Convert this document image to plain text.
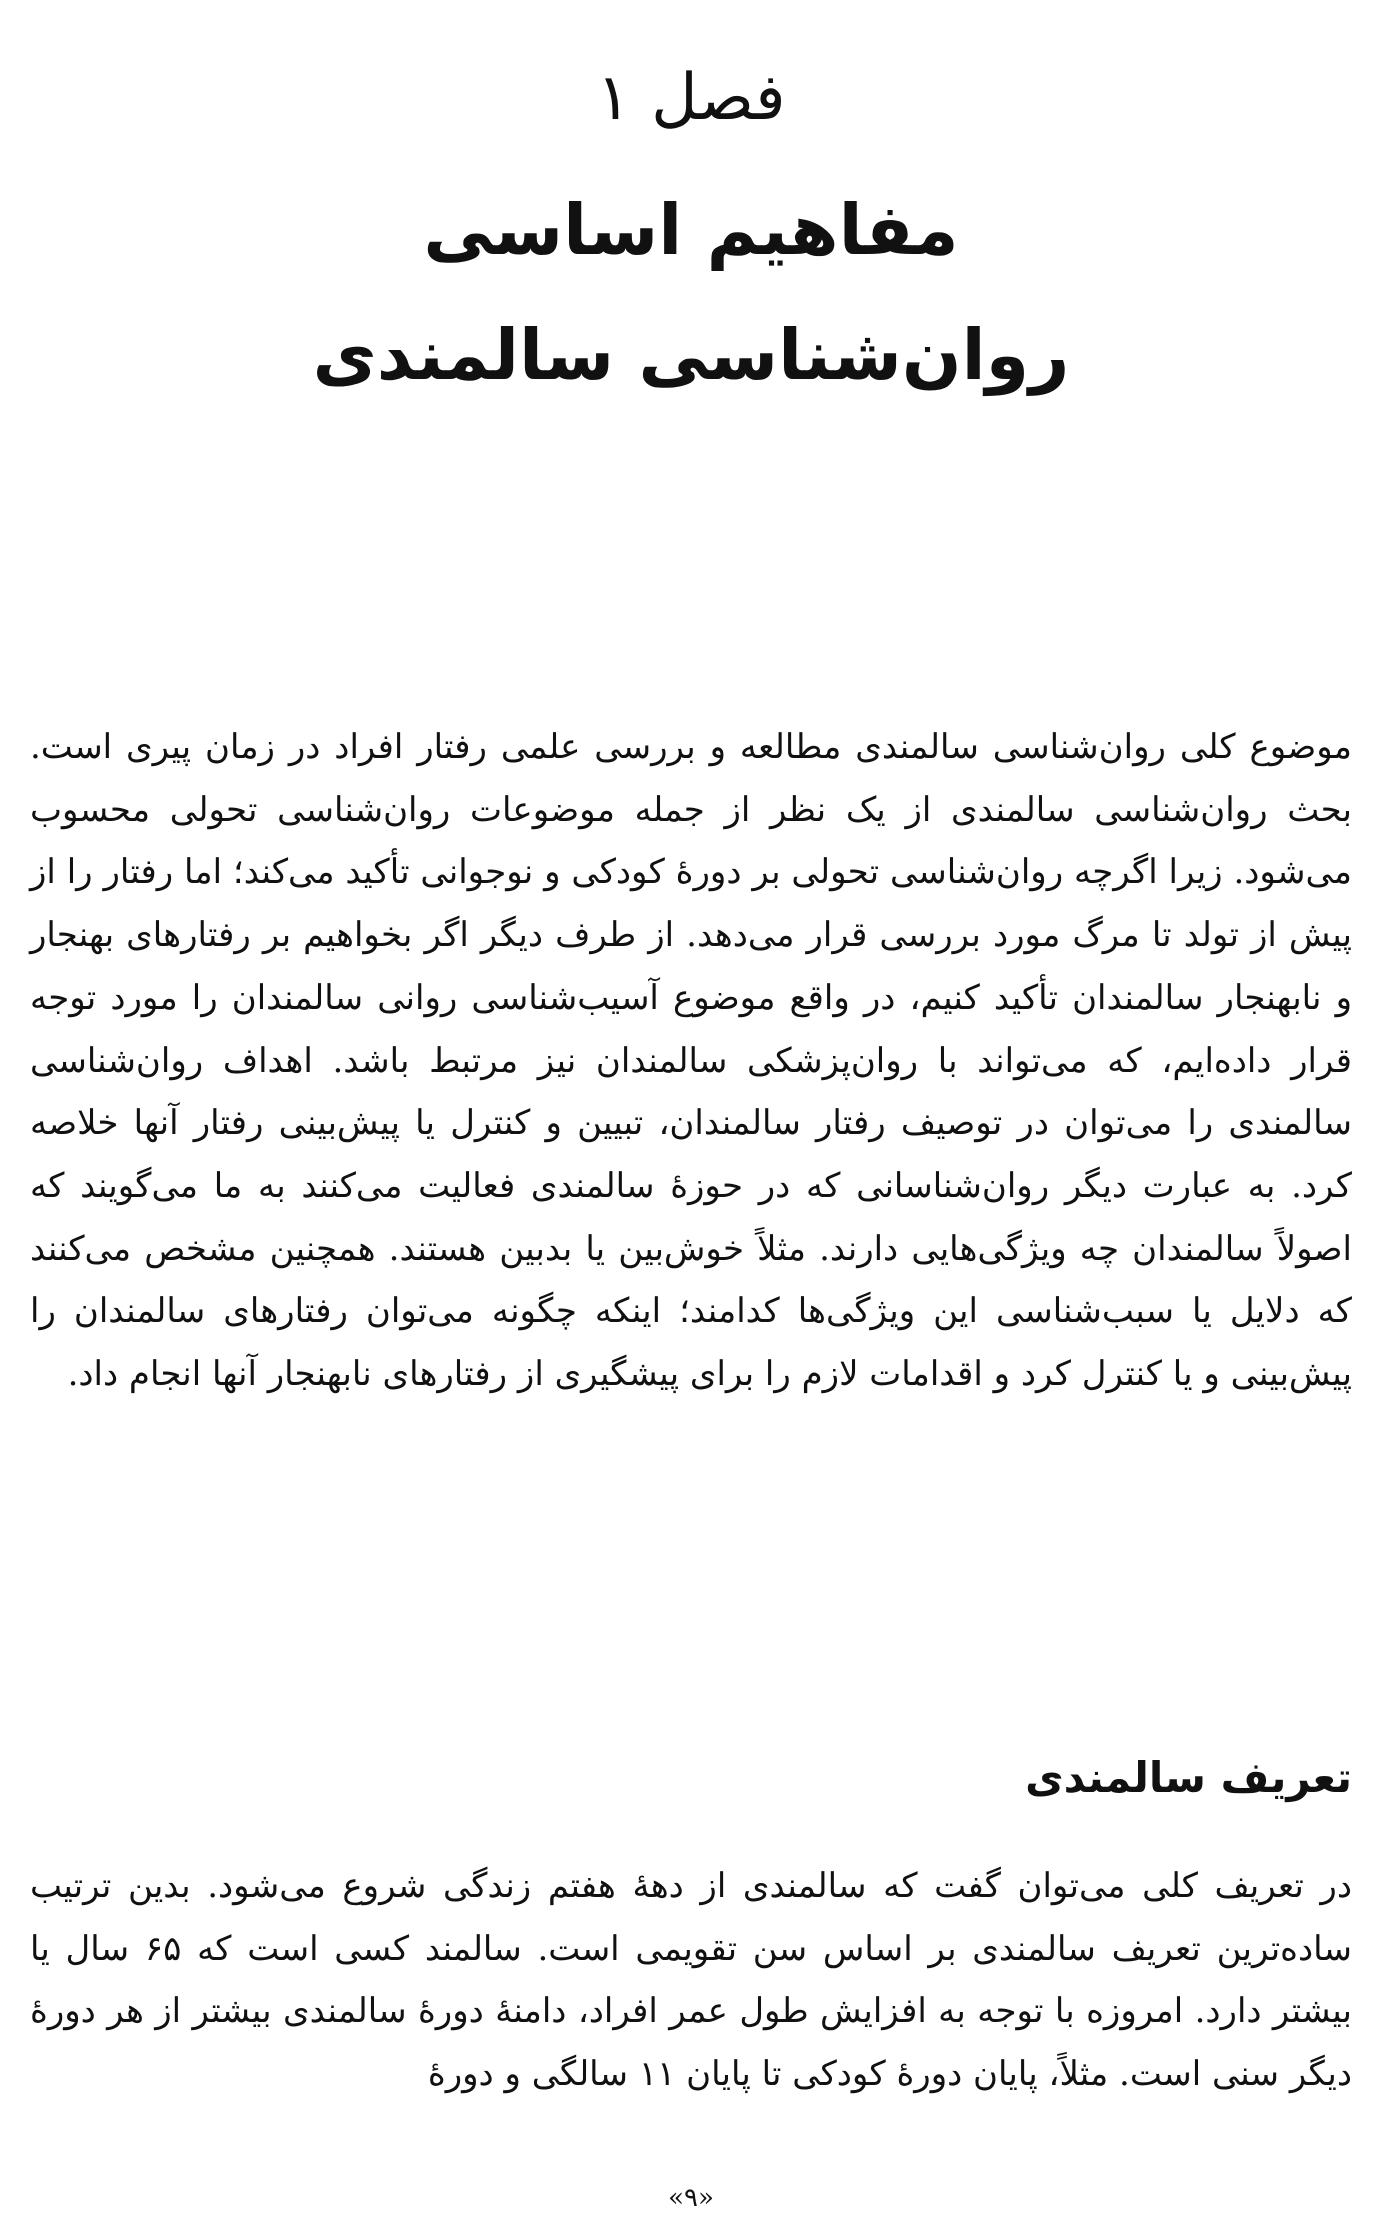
فصل ۱
مفاهیم اساسی
روان‌شناسی سالمندی

موضوع کلی روان‌شناسی سالمندی مطالعه و بررسی علمی رفتار افراد در زمان پیری است. بحث روان‌شناسی سالمندی از یک نظر از جمله موضوعات روان‌شناسی تحولی محسوب می‌شود. زیرا اگرچه روان‌شناسی تحولی بر دورهٔ کودکی و نوجوانی تأکید می‌کند؛ اما رفتار را از پیش از تولد تا مرگ مورد بررسی قرار می‌دهد. از طرف دیگر اگر بخواهیم بر رفتارهای بهنجار و نابهنجار سالمندان تأکید کنیم، در واقع موضوع آسیب‌شناسی روانی سالمندان را مورد توجه قرار داده‌ایم، که می‌تواند با روان‌پزشکی سالمندان نیز مرتبط باشد. اهداف روان‌شناسی سالمندی را می‌توان در توصیف رفتار سالمندان، تبیین و کنترل یا پیش‌بینی رفتار آنها خلاصه کرد. به عبارت دیگر روان‌شناسانی که در حوزهٔ سالمندی فعالیت می‌کنند به ما می‌گویند که اصولاً سالمندان چه ویژگی‌هایی دارند. مثلاً خوش‌بین یا بدبین هستند. همچنین مشخص می‌کنند که دلایل یا سبب‌شناسی این ویژگی‌ها کدامند؛ اینکه چگونه می‌توان رفتارهای سالمندان را پیش‌بینی و یا کنترل کرد و اقدامات لازم را برای پیشگیری از رفتارهای نابهنجار آنها انجام داد.

تعریف سالمندی

در تعریف کلی می‌توان گفت که سالمندی از دههٔ هفتم زندگی شروع می‌شود. بدین ترتیب ساده‌ترین تعریف سالمندی بر اساس سن تقویمی است. سالمند کسی است که ۶۵ سال یا بیشتر دارد. امروزه با توجه به افزایش طول عمر افراد، دامنهٔ دورهٔ سالمندی بیشتر از هر دورهٔ دیگر سنی است. مثلاً، پایان دورهٔ کودکی تا پایان ۱۱ سالگی و دورهٔ

«۹»
